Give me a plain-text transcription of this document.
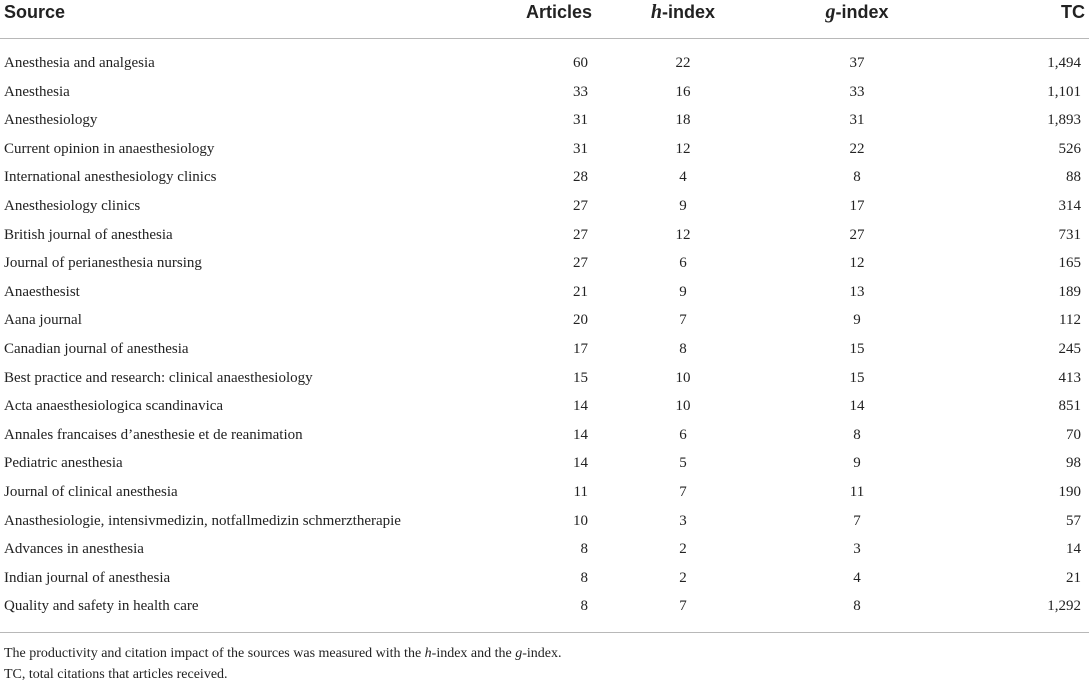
Source	Articles	h-index	g-index	TC
Anesthesia and analgesia	60	22	37	1,494
Anesthesia	33	16	33	1,101
Anesthesiology	31	18	31	1,893
Current opinion in anaesthesiology	31	12	22	526
International anesthesiology clinics	28	4	8	88
Anesthesiology clinics	27	9	17	314
British journal of anesthesia	27	12	27	731
Journal of perianesthesia nursing	27	6	12	165
Anaesthesist	21	9	13	189
Aana journal	20	7	9	112
Canadian journal of anesthesia	17	8	15	245
Best practice and research: clinical anaesthesiology	15	10	15	413
Acta anaesthesiologica scandinavica	14	10	14	851
Annales francaises d’anesthesie et de reanimation	14	6	8	70
Pediatric anesthesia	14	5	9	98
Journal of clinical anesthesia	11	7	11	190
Anasthesiologie, intensivmedizin, notfallmedizin schmerztherapie	10	3	7	57
Advances in anesthesia	8	2	3	14
Indian journal of anesthesia	8	2	4	21
Quality and safety in health care	8	7	8	1,292
The productivity and citation impact of the sources was measured with the h-index and the g-index.
TC, total citations that articles received.
